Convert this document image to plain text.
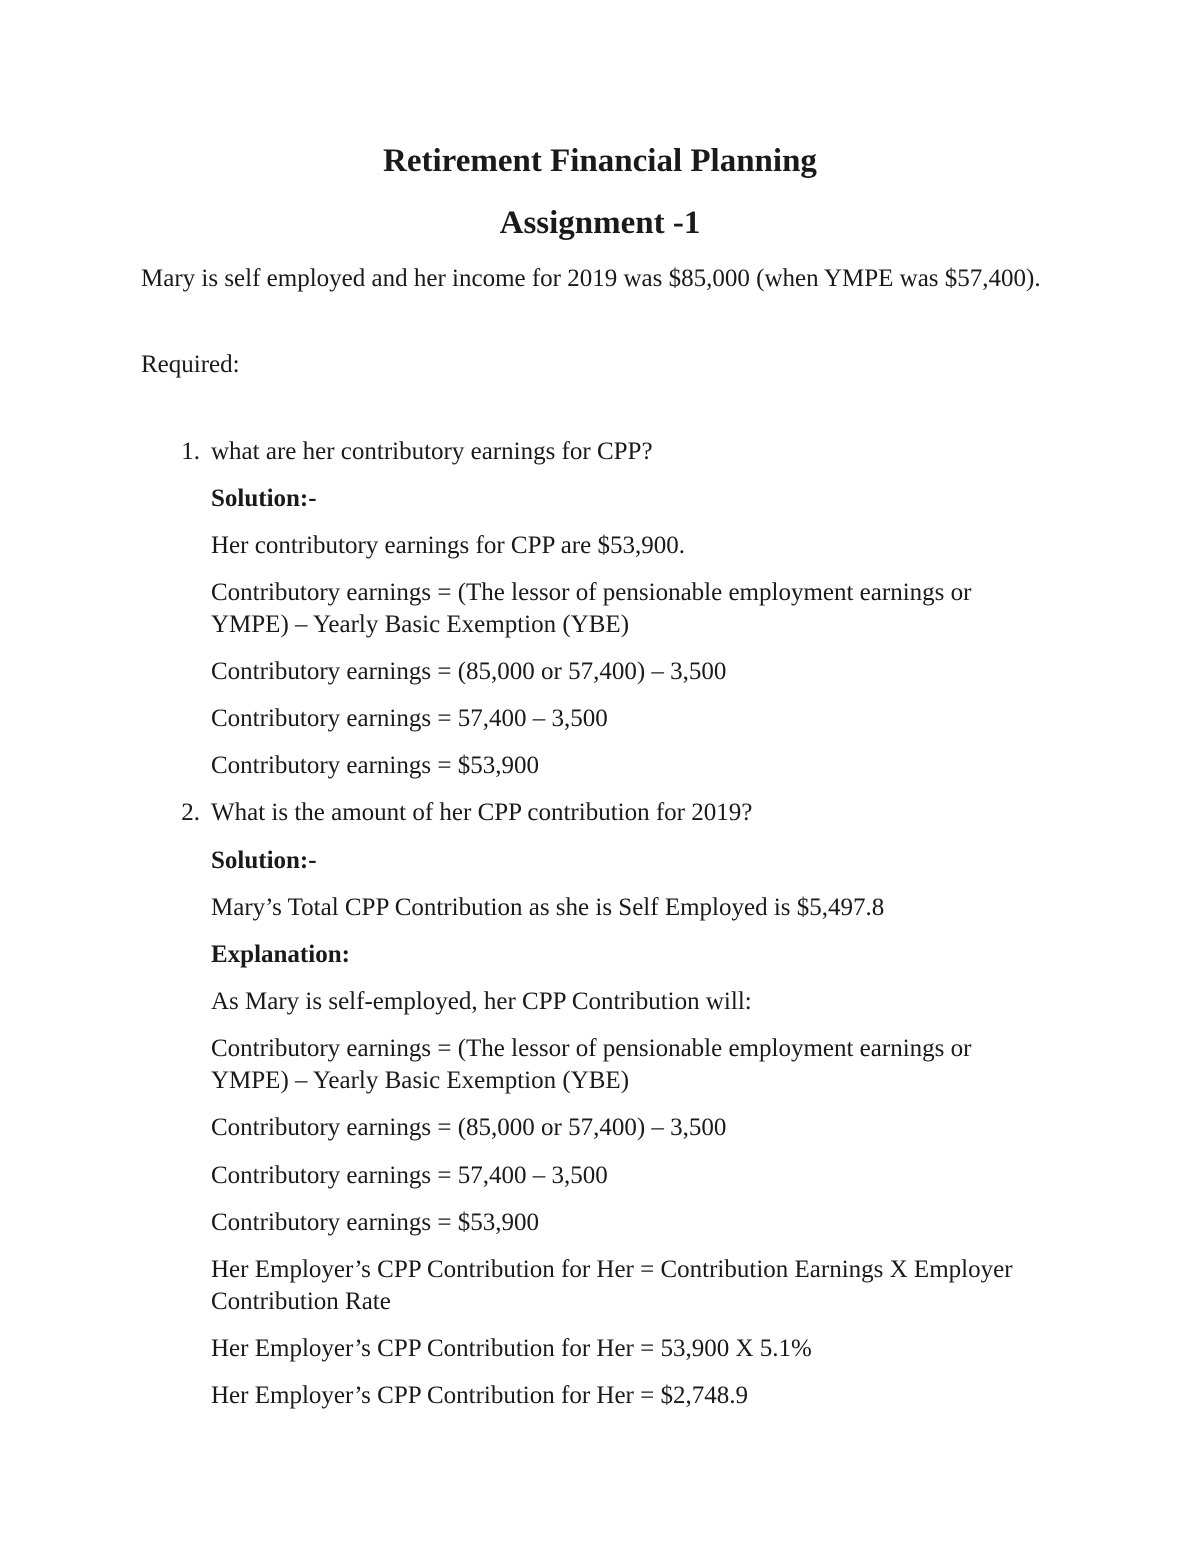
Retirement Financial Planning
Assignment -1

Mary is self employed and her income for 2019 was $85,000 (when YMPE was $57,400).

Required:

1. what are her contributory earnings for CPP?

Solution:-

Her contributory earnings for CPP are $53,900.

Contributory earnings = (The lessor of pensionable employment earnings or YMPE) – Yearly Basic Exemption (YBE)

Contributory earnings = (85,000 or 57,400) – 3,500

Contributory earnings = 57,400 – 3,500

Contributory earnings = $53,900

2. What is the amount of her CPP contribution for 2019?

Solution:-

Mary’s Total CPP Contribution as she is Self Employed is $5,497.8

Explanation:

As Mary is self-employed, her CPP Contribution will:

Contributory earnings = (The lessor of pensionable employment earnings or YMPE) – Yearly Basic Exemption (YBE)

Contributory earnings = (85,000 or 57,400) – 3,500

Contributory earnings = 57,400 – 3,500

Contributory earnings = $53,900

Her Employer’s CPP Contribution for Her = Contribution Earnings X Employer Contribution Rate

Her Employer’s CPP Contribution for Her = 53,900 X 5.1%

Her Employer’s CPP Contribution for Her = $2,748.9
